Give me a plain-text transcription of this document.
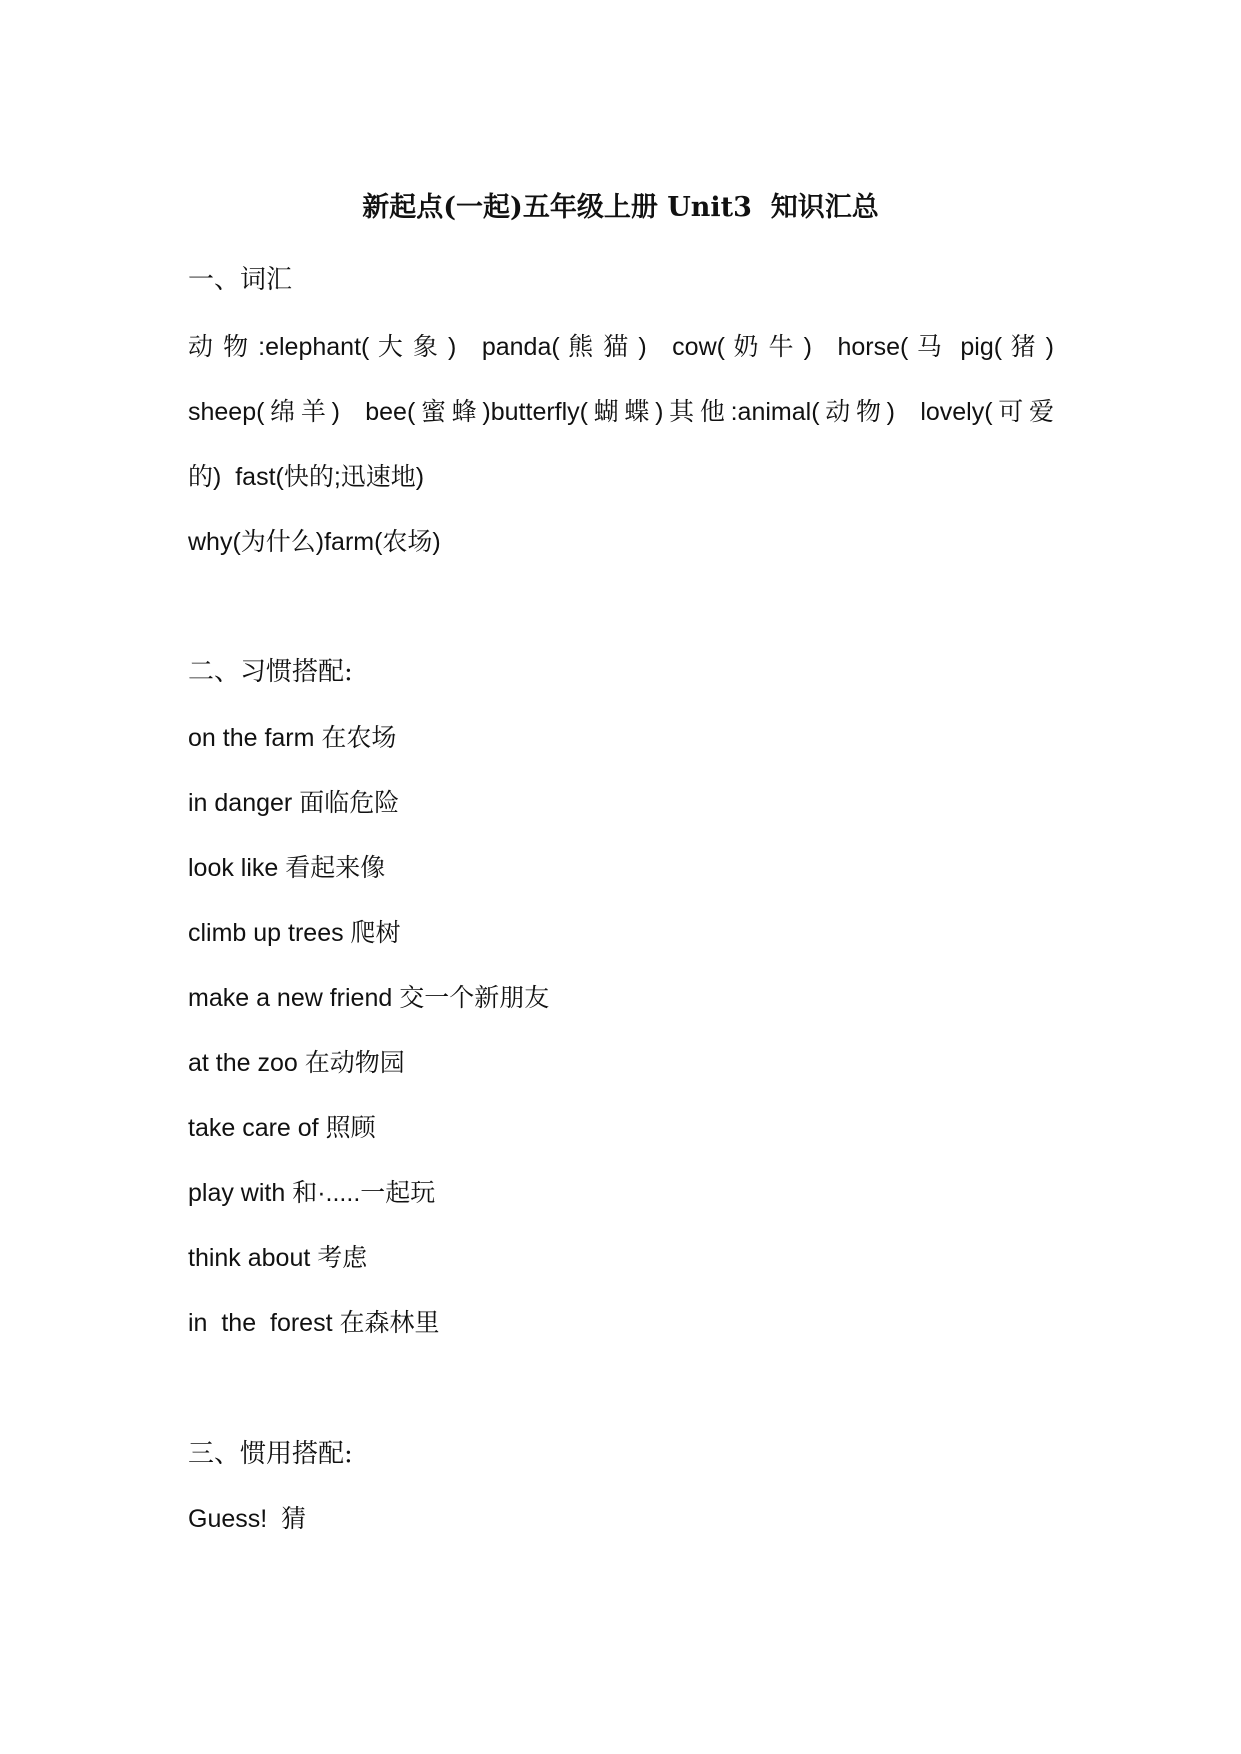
新起点(一起)五年级上册 Unit3  知识汇总
一、词汇
动 物 :elephant( 大 象 )   panda( 熊 猫 )   cow( 奶 牛 )   horse( 马  pig( 猪 )
sheep(绵羊)  bee(蜜蜂)butterfly(蝴蝶)其他:animal(动物)  lovely(可爱
的)  fast(快的;迅速地)
why(为什么)farm(农场)
二、习惯搭配:
on the farm 在农场
in danger 面临危险
look like 看起来像
climb up trees 爬树
make a new friend 交一个新朋友
at the zoo 在动物园
take care of 照顾
play with 和·.....一起玩
think about 考虑
in  the  forest 在森林里
三、惯用搭配:
Guess!  猜
